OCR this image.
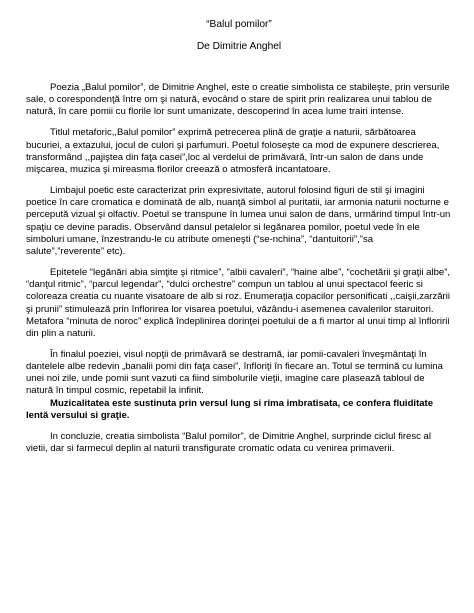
“Balul pomilor”

De Dimitrie Anghel

Poezia „Balul pomilor”, de Dimitrie Anghel, este o creatie simbolista ce stabileşte, prin versurile sale, o corespondenţă între om şi natură, evocând o stare de spirit prin realizarea unui tablou de natură, în care pomii cu florile lor sunt umanizate, descoperind în acea lume trairi intense.

Titlul metaforic,,Balul pomilor” exprimă petrecerea plină de graţie a naturii, sărbătoarea bucuriei, a extazului, jocul de culori şi parfumuri. Poetul foloseşte ca mod de expunere descrierea, transformând ,,pajiştea din faţa casei”,loc al verdelui de primăvară, într-un salon de dans unde mişcarea, muzica şi mireasma florilor creează o atmosferă incantatoare.

Limbajul poetic este caracterizat prin expresivitate, autorul folosind figuri de stil şi imagini poetice în care cromatica e dominată de alb, nuanţă simbol al puritatii, iar armonia naturii nocturne e percepută vizual şi olfactiv. Poetul se transpune în lumea unui salon de dans, urmărind timpul într-un spaţiu ce devine paradis. Observând dansul petalelor si legănarea pomilor, poetul vede în ele simboluri umane, înzestrandu-le cu atribute omeneşti (“se-nchina”, “dantuitorii”,”sa salute”,”reverente” etc).

Epitetele “legănări abia simţite şi ritmice”, ”albii cavaleri”, “haine albe”, “cochetării şi graţii albe”, “danţul ritmic”, “parcul legendar”, “dulci orchestre” compun un tablou al unui spectacol feeric si coloreaza creatia cu nuante visatoare de alb si roz. Enumeraţia copacilor personificati ,,caişii,zarzării şi prunii” stimulează prin înflorirea lor visarea poetului, văzându-i asemenea cavalerilor staruitori. Metafora “minuta de noroc” explică îndeplinirea dorinţei poetului de a fi martor al unui timp al înfloririi din plin a naturii.

În finalul poeziei, visul nopţii de primăvară se destramă, iar pomii-cavaleri înveşmântaţi în dantelele albe redevin „banalii pomi din faţa casei”, înfloriţi în fiecare an. Totul se termină cu lumina unei noi zile, unde pomii sunt vazuti ca fiind simbolurile vieţii, imagine care plasează tabloul de natură în timpul cosmic, repetabil la infinit.

Muzicalitatea este sustinuta prin versul lung si rima imbratisata, ce confera fluiditate lentă versului si graţie.

In concluzie, creatia simbolista “Balul pomilor”, de Dimitrie Anghel, surprinde ciclul firesc al vietii, dar si farmecul deplin al naturii transfigurate cromatic odata cu venirea primaverii.
